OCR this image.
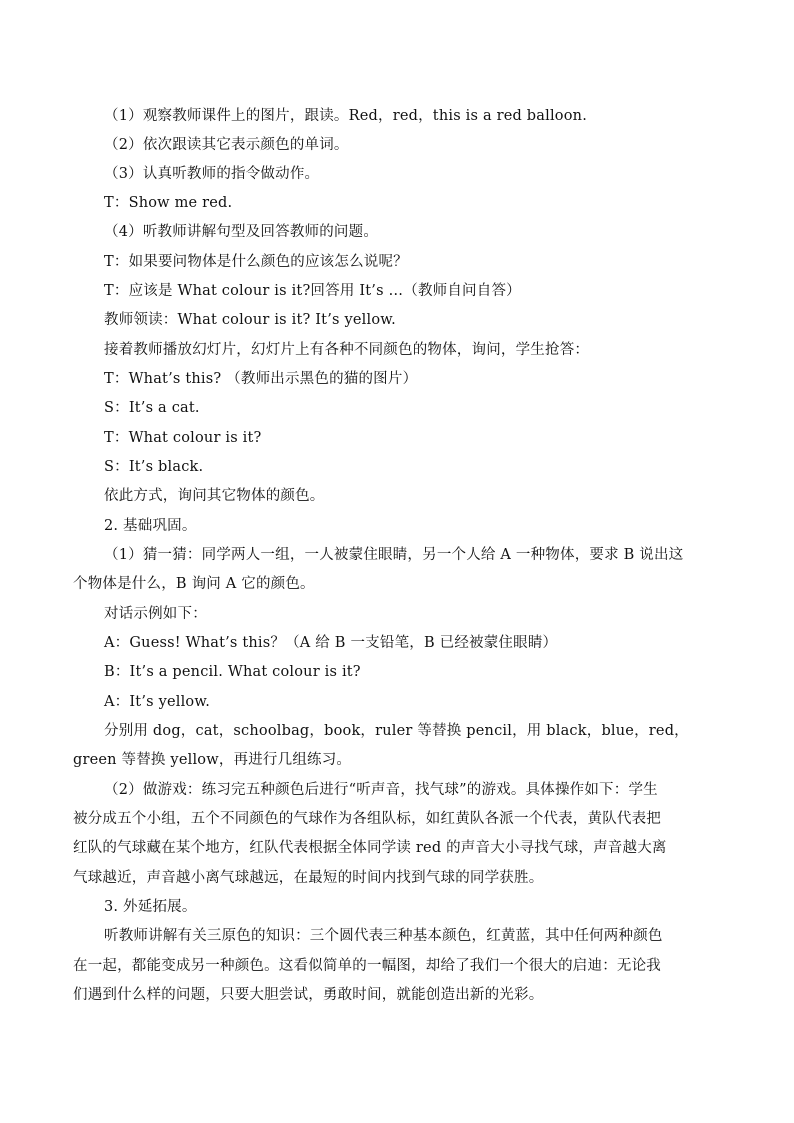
（1）观察教师课件上的图片，跟读。Red，red，this is a red balloon.
（2）依次跟读其它表示颜色的单词。
（3）认真听教师的指令做动作。
T：Show me red.
（4）听教师讲解句型及回答教师的问题。
T：如果要问物体是什么颜色的应该怎么说呢？
T：应该是 What colour is it?回答用 It’s …（教师自问自答）
教师领读：What colour is it? It’s yellow.
接着教师播放幻灯片，幻灯片上有各种不同颜色的物体，询问，学生抢答：
T：What’s this? （教师出示黑色的猫的图片）
S：It’s a cat.
T：What colour is it?
S：It’s black.
依此方式，询问其它物体的颜色。
2. 基础巩固。
（1）猜一猜：同学两人一组，一人被蒙住眼睛，另一个人给 A 一种物体，要求 B 说出这
个物体是什么，B 询问 A 它的颜色。
对话示例如下：
A：Guess! What’s this？（A 给 B 一支铅笔，B 已经被蒙住眼睛）
B：It’s a pencil. What colour is it?
A：It’s yellow.
分别用 dog，cat，schoolbag，book，ruler 等替换 pencil，用 black，blue，red，
green 等替换 yellow，再进行几组练习。
（2）做游戏：练习完五种颜色后进行“听声音，找气球”的游戏。具体操作如下：学生
被分成五个小组，五个不同颜色的气球作为各组队标，如红黄队各派一个代表，黄队代表把
红队的气球藏在某个地方，红队代表根据全体同学读 red 的声音大小寻找气球，声音越大离
气球越近，声音越小离气球越远，在最短的时间内找到气球的同学获胜。
3. 外延拓展。
听教师讲解有关三原色的知识：三个圆代表三种基本颜色，红黄蓝，其中任何两种颜色
在一起，都能变成另一种颜色。这看似简单的一幅图，却给了我们一个很大的启迪：无论我
们遇到什么样的问题，只要大胆尝试，勇敢时间，就能创造出新的光彩。
